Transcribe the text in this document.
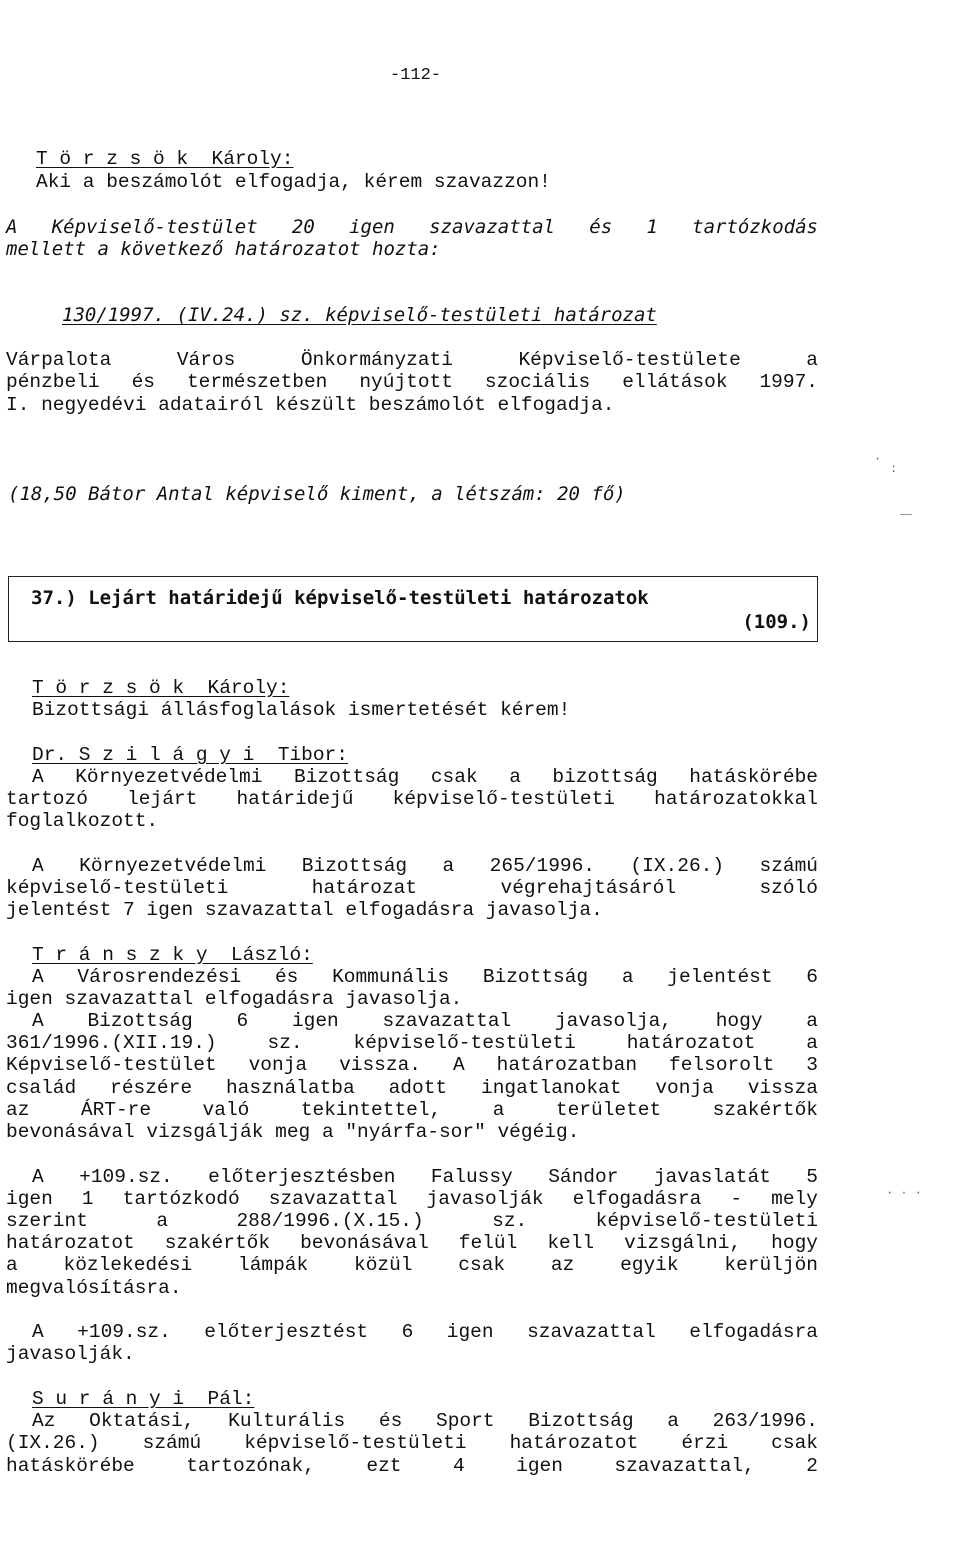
-112-
T ö r z s ö k  Károly:
Aki a beszámolót elfogadja, kérem szavazzon!
A Képviselő-testület 20 igen szavazattal és 1 tartózkodás
mellett a következő határozatot hozta:
130/1997. (IV.24.) sz. képviselő-testületi határozat
Várpalota Város Önkormányzati Képviselő-testülete a
pénzbeli és természetben nyújtott szociális ellátások 1997.
I. negyedévi adatairól készült beszámolót elfogadja.
(18,50 Bátor Antal képviselő kiment, a létszám: 20 fő)
·
:
· · ·
37.) Lejárt határidejű képviselő-testületi határozatok
(109.)
T ö r z s ö k  Károly:
Bizottsági állásfoglalások ismertetését kérem!
Dr. S z i l á g y i  Tibor:
A Környezetvédelmi Bizottság csak a bizottság hatáskörébe
tartozó lejárt határidejű képviselő-testületi határozatokkal
foglalkozott.
A Környezetvédelmi Bizottság a 265/1996. (IX.26.) számú
képviselő-testületi határozat végrehajtásáról szóló
jelentést 7 igen szavazattal elfogadásra javasolja.
T r á n s z k y  László:
A Városrendezési és Kommunális Bizottság a jelentést 6
igen szavazattal elfogadásra javasolja.
A Bizottság 6 igen szavazattal javasolja, hogy a
361/1996.(XII.19.) sz. képviselő-testületi határozatot a
Képviselő-testület vonja vissza. A határozatban felsorolt 3
család részére használatba adott ingatlanokat vonja vissza
az ÁRT-re való tekintettel, a területet szakértők
bevonásával vizsgálják meg a "nyárfa-sor" végéig.
A +109.sz. előterjesztésben Falussy Sándor javaslatát 5
igen 1 tartózkodó szavazattal javasolják elfogadásra - mely
szerint a 288/1996.(X.15.) sz. képviselő-testületi
határozatot szakértők bevonásával felül kell vizsgálni, hogy
a közlekedési lámpák közül csak az egyik kerüljön
megvalósításra.
A +109.sz. előterjesztést 6 igen szavazattal elfogadásra
javasolják.
S u r á n y i  Pál:
Az Oktatási, Kulturális és Sport Bizottság a 263/1996.
(IX.26.) számú képviselő-testületi határozatot érzi csak
hatáskörébe tartozónak, ezt 4 igen szavazattal, 2
